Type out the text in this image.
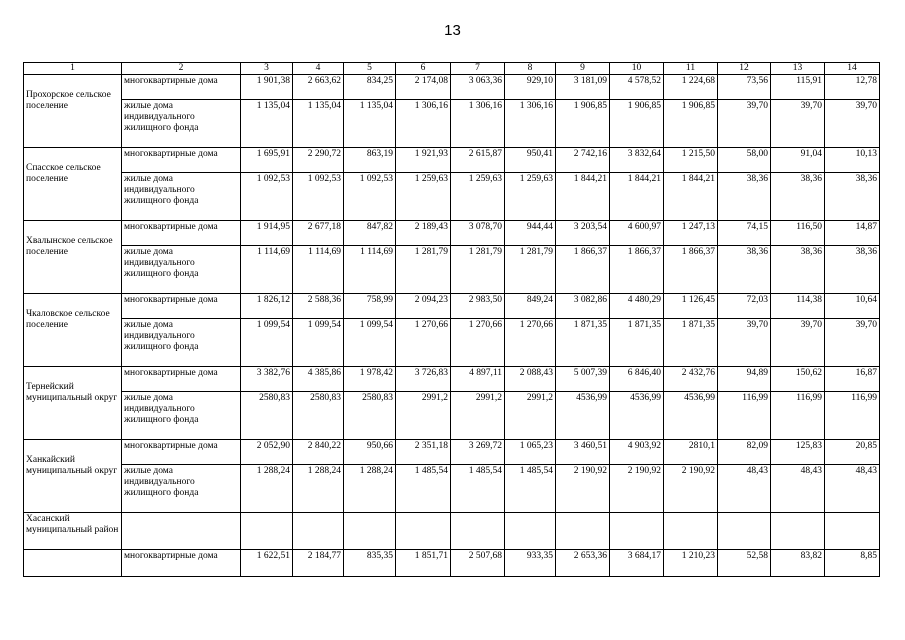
13
1	2	3	4	5	6	7	8	9	10	11	12	13	14

Прохорское сельское поселение	многоквартирные дома	1 901,38	2 663,62	834,25	2 174,08	3 063,36	929,10	3 181,09	4 578,52	1 224,68	73,56	115,91	12,78
	жилые дома индивидуального жилищного фонда	1 135,04	1 135,04	1 135,04	1 306,16	1 306,16	1 306,16	1 906,85	1 906,85	1 906,85	39,70	39,70	39,70

Спасское сельское поселение	многоквартирные дома	1 695,91	2 290,72	863,19	1 921,93	2 615,87	950,41	2 742,16	3 832,64	1 215,50	58,00	91,04	10,13
	жилые дома индивидуального жилищного фонда	1 092,53	1 092,53	1 092,53	1 259,63	1 259,63	1 259,63	1 844,21	1 844,21	1 844,21	38,36	38,36	38,36

Хвалынское сельское поселение	многоквартирные дома	1 914,95	2 677,18	847,82	2 189,43	3 078,70	944,44	3 203,54	4 600,97	1 247,13	74,15	116,50	14,87
	жилые дома индивидуального жилищного фонда	1 114,69	1 114,69	1 114,69	1 281,79	1 281,79	1 281,79	1 866,37	1 866,37	1 866,37	38,36	38,36	38,36

Чкаловское сельское поселение	многоквартирные дома	1 826,12	2 588,36	758,99	2 094,23	2 983,50	849,24	3 082,86	4 480,29	1 126,45	72,03	114,38	10,64
	жилые дома индивидуального жилищного фонда	1 099,54	1 099,54	1 099,54	1 270,66	1 270,66	1 270,66	1 871,35	1 871,35	1 871,35	39,70	39,70	39,70

Тернейский муниципальный округ	многоквартирные дома	3 382,76	4 385,86	1 978,42	3 726,83	4 897,11	2 088,43	5 007,39	6 846,40	2 432,76	94,89	150,62	16,87
	жилые дома индивидуального жилищного фонда	2580,83	2580,83	2580,83	2991,2	2991,2	2991,2	4536,99	4536,99	4536,99	116,99	116,99	116,99

Ханкайский муниципальный округ	многоквартирные дома	2 052,90	2 840,22	950,66	2 351,18	3 269,72	1 065,23	3 460,51	4 903,92	2810,1	82,09	125,83	20,85
	жилые дома индивидуального жилищного фонда	1 288,24	1 288,24	1 288,24	1 485,54	1 485,54	1 485,54	2 190,92	2 190,92	2 190,92	48,43	48,43	48,43
Хасанский муниципальный район													
	многоквартирные дома	1 622,51	2 184,77	835,35	1 851,71	2 507,68	933,35	2 653,36	3 684,17	1 210,23	52,58	83,82	8,85
